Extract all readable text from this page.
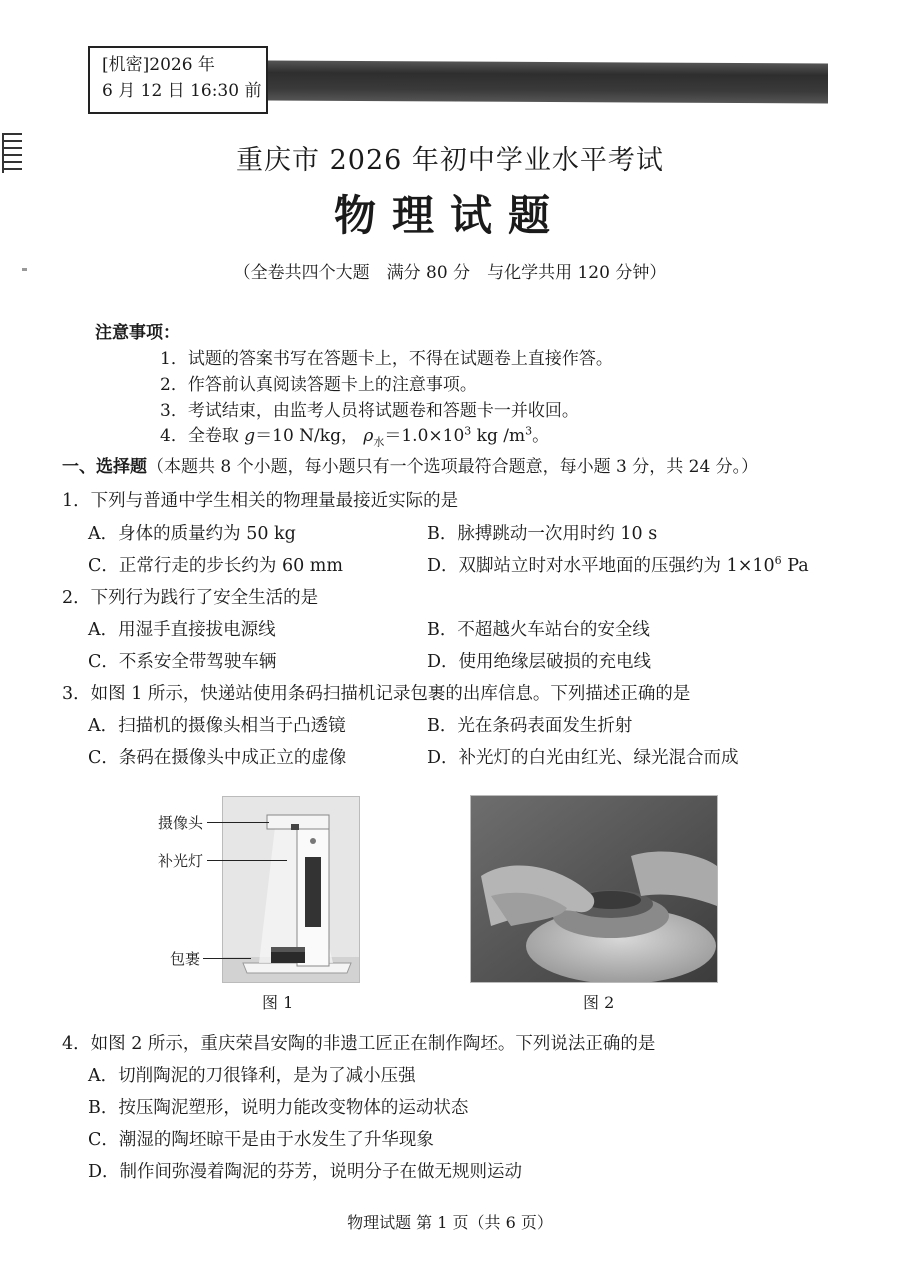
[机密]2026 年
6 月 12 日 16:30 前
重庆市 2026 年初中学业水平考试
物理试题
（全卷共四个大题　满分 80 分　与化学共用 120 分钟）
注意事项：
1．试题的答案书写在答题卡上，不得在试题卷上直接作答。
2．作答前认真阅读答题卡上的注意事项。
3．考试结束，由监考人员将试题卷和答题卡一并收回。
4．全卷取 g＝10 N/kg， $\rho_水=1.0\times 10^3$ kg $/m^3$。
一、选择题（本题共 8 个小题，每小题只有一个选项最符合题意，每小题 3 分，共 24 分。）
1．下列与普通中学生相关的物理量最接近实际的是
A．身体的质量约为 50 kg	B．脉搏跳动一次用时约 10 s
C．正常行走的步长约为 60 mm	D．双脚站立时对水平地面的压强约为 $1\times 10^6$ Pa
2．下列行为践行了安全生活的是
A．用湿手直接拔电源线	B．不超越火车站台的安全线
C．不系安全带驾驶车辆	D．使用绝缘层破损的充电线
3．如图 1 所示，快递站使用条码扫描机记录包裹的出库信息。下列描述正确的是
A．扫描机的摄像头相当于凸透镜	B．光在条码表面发生折射
C．条码在摄像头中成正立的虚像	D．补光灯的白光由红光、绿光混合而成
摄像头
补光灯
包裹
图 1	图 2
4．如图 2 所示，重庆荣昌安陶的非遗工匠正在制作陶坯。下列说法正确的是
A．切削陶泥的刀很锋利，是为了减小压强
B．按压陶泥塑形，说明力能改变物体的运动状态
C．潮湿的陶坯晾干是由于水发生了升华现象
D．制作间弥漫着陶泥的芬芳，说明分子在做无规则运动
物理试题 第 1 页（共 6 页）
